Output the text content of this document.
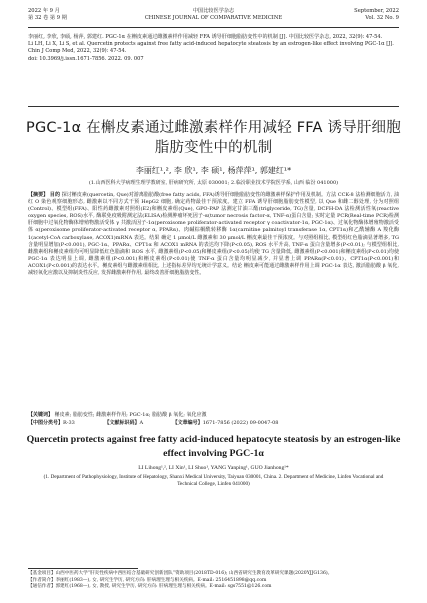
2022 年 9 月
第 32 卷 第 9 期
中国比较医学杂志
CHINESE JOURNAL OF COMPARATIVE MEDICINE
September, 2022
Vol. 32 No. 9

李丽红, 李欣, 李硕, 杨萍, 郭建红. PGC-1α 在槲皮素通过雌激素样作用减轻 FFA 诱导肝细胞脂肪变性中的机制 [J]. 中国比较医学杂志, 2022, 32(9): 47-54.

Li LH, Li X, Li S, et al. Quercetin protects against free fatty acid-induced hepatocyte steatosis by an estrogen-like effect involving PGC-1α [J]. Chin J Comp Med, 2022, 32(9): 47-54.

doi: 10.3969/j.issn.1671-7856. 2022. 09. 007

PGC-1α 在槲皮素通过雌激素样作用减轻 FFA 诱导肝细胞脂肪变性中的机制
李丽红¹,², 李 欣¹, 李 硕¹, 杨萍萍¹, 郭建红¹*
(1.山西医科大学病理生理学教研室, 肝病研究所, 太原 030001; 2.临汾职业技术学院医学系, 山西 临汾 041000)
【摘要】 目的 探讨槲皮素(quercetin, Que)对游离脂肪酸(free fatty acids, FFA)诱导肝细胞脂肪变性的雌激素样保护作用及机制。方法 CCK-8 法检测细胞活力, 油红 O 染色观察细胞形态, 雌激素以不同方式干预 HepG2 细胞, 确定药物最佳干预浓度。建立 FFA 诱导肝细胞脂肪变性模型, 以 Que 和雌二醇处理, 分为对照组(Control)、模型组(FFA)、阳性药雌激素对照组(E2)和槲皮素组(Que), GPO-PAP 法测定甘油三酯(triglyceride, TG)含量, DCFH-DA 法检测活性氧(reactive oxygen species, ROS)水平, 酶联免疫吸附测定法(ELISA)检测肿瘤坏死因子-α(tumor necrosis factor-α, TNF-α)蛋白含量; 实时定量 PCR(Real-time PCR)检测肝细胞中过氧化物酶体增殖物激活受体 γ 共激活因子-1α(peroxisome proliferator-activated receptor γ coactivator-1α, PGC-1α)、过氧化物酶体增殖物激活受体 α(peroxisome proliferator-activated receptor α, PPARα)、肉碱棕榈酰转移酶 1α(carnitine palmitoyl transferase 1α, CPT1α)和乙酰辅酶 A 羧化酶 1(acetyl-CoA carboxylase, ACOX1)mRNA 表达。结果 确定 1 μmol/L 雌激素和 30 μmol/L 槲皮素最佳干预浓度。与对照组相比, 模型组红色脂滴显著增多, TG 含量明显增加(P<0.001), PGC-1α、PPARα、CPT1α 和 ACOX1 mRNA 的表达均下降(P<0.05), ROS 水平升高, TNF-α 蛋白含量增多(P<0.01); 与模型组相比, 雌激素组和槲皮素组均可明显降低红色脂滴和 ROS 水平, 雌激素组(P<0.05)和槲皮素组(P<0.05)均使 TG 含量降低, 雌激素组(P<0.001)和槲皮素组(P<0.01)均使 PGC-1α 表达明显上调, 雌激素组(P<0.001)和槲皮素组(P<0.01)使 TNF-α 蛋白含量均明显减少, 并显著上调 PPARα(P<0.01)、CPT1α(P<0.001)和 ACOX1(P<0.001)的表达水平。槲皮素组与雌激素组相比, 上述指标差异均无统计学意义。结论 槲皮素可能通过雌激素样作用上调 PGC-1α 表达, 激活脂肪酸 β 氧化, 减轻氧化应激以及抑制炎性反应, 发挥雌激素样作用, 最终改善肝细胞脂肪变性。
【关键词】 槲皮素; 脂肪变性; 雌激素样作用; PGC-1α; 脂肪酸 β 氧化; 氧化应激
【中图分类号】R-33	【文献标识码】A	【文章编号】1671-7856 (2022) 09-0047-08
Quercetin protects against free fatty acid-induced hepatocyte steatosis by an estrogen-like effect involving PGC-1α
LI Lihong¹,², LI Xin¹, LI Shuo¹, YANG Yanping¹, GUO Jianhong¹*
(1. Department of Pathophysiology, Institute of Hepatology, Shanxi Medical University, Taiyuan 030001, China. 2. Department of Medicine, Linfen Vocational and Technical College, Linfen 041000)

【基金项目】山西中医药大学“肝炎性疾病中西医结合基础研究创新团队”资助项目(2018TD-016); 山西省研究生教育改革研究课题(2020YJJG136)。

【作者简介】李丽红(1983—), 女, 研究生学历, 研究方向: 肝病理生理与相关疾病。E-mail: 2516451898@qq.com

【通信作者】郭建红(1968—), 女, 教授, 研究生学历, 研究方向: 肝病理生理与相关疾病。E-mail: sgs7551@126.com
